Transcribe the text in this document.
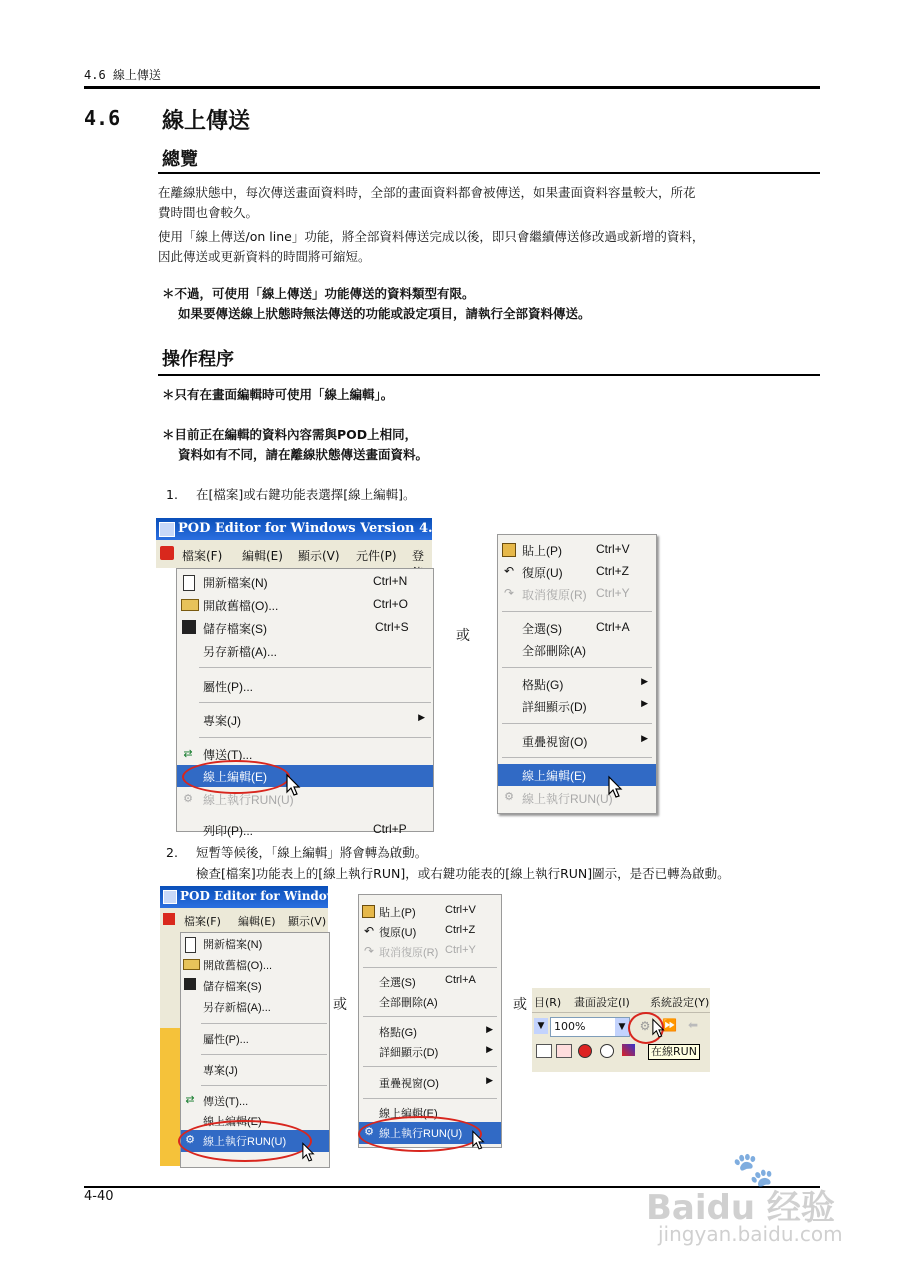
4.6 線上傳送
4.6 線上傳送
總覽
在離線狀態中，每次傳送畫面資料時，全部的畫面資料都會被傳送，如果畫面資料容量較大，所花
費時間也會較久。
使用「線上傳送/on line」功能，將全部資料傳送完成以後，即只會繼續傳送修改過或新增的資料，
因此傳送或更新資料的時間將可縮短。
＊不過，可使用「線上傳送」功能傳送的資料類型有限。
如果要傳送線上狀態時無法傳送的功能或設定項目，請執行全部資料傳送。
操作程序
＊只有在畫面編輯時可使用「線上編輯」。
＊目前正在編輯的資料內容需與POD上相同，
資料如有不同，請在離線狀態傳送畫面資料。
1. 在[檔案]或右鍵功能表選擇[線上編輯]。
POD Editor for Windows Version 4.00
檔案(F) 編輯(E) 顯示(V) 元件(P) 登
開新檔案(N)	Ctrl+N
開啟舊檔(O)...	Ctrl+O
儲存檔案(S)	Ctrl+S
另存新檔(A)...
屬性(P)...
專案(J)	▶
⇄ 傳送(T)...
線上編輯(E)
⚙ 線上執行RUN(U)
列印(P)...	Ctrl+P
或
貼上(P)	Ctrl+V
↶ 復原(U)	Ctrl+Z
↷ 取消復原(R) Ctrl+Y
全選(S)	Ctrl+A
全部刪除(A)
格點(G)	▶
詳細顯示(D)	▶
重疊視窗(O)	▶
線上編輯(E)
⚙ 線上執行RUN(U)
2. 短暫等候後，「線上編輯」將會轉為啟動。
檢查[檔案]功能表上的[線上執行RUN]，或右鍵功能表的[線上執行RUN]圖示，是否已轉為啟動。
POD Editor for Windows
檔案(F) 編輯(E) 顯示(V)
開新檔案(N)
開啟舊檔(O)...
儲存檔案(S)
另存新檔(A)...
屬性(P)...
專案(J)
⇄ 傳送(T)...
線上編輯(E)
⚙ 線上執行RUN(U)
或
貼上(P)	Ctrl+V
↶ 復原(U)	Ctrl+Z
↷ 取消復原(R) Ctrl+Y
全選(S)	Ctrl+A
全部刪除(A)
格點(G)	▶
詳細顯示(D)	▶
重疊視窗(O)	▶
線上編輯(E)
⚙ 線上執行RUN(U)
或 目(R) 畫面設定(I) 系統設定(Y)
▼ 100%	▼	⚙ ⏩ ⬅
在線RUN
4-40
🐾
Baidu 经验
jingyan.baidu.com
